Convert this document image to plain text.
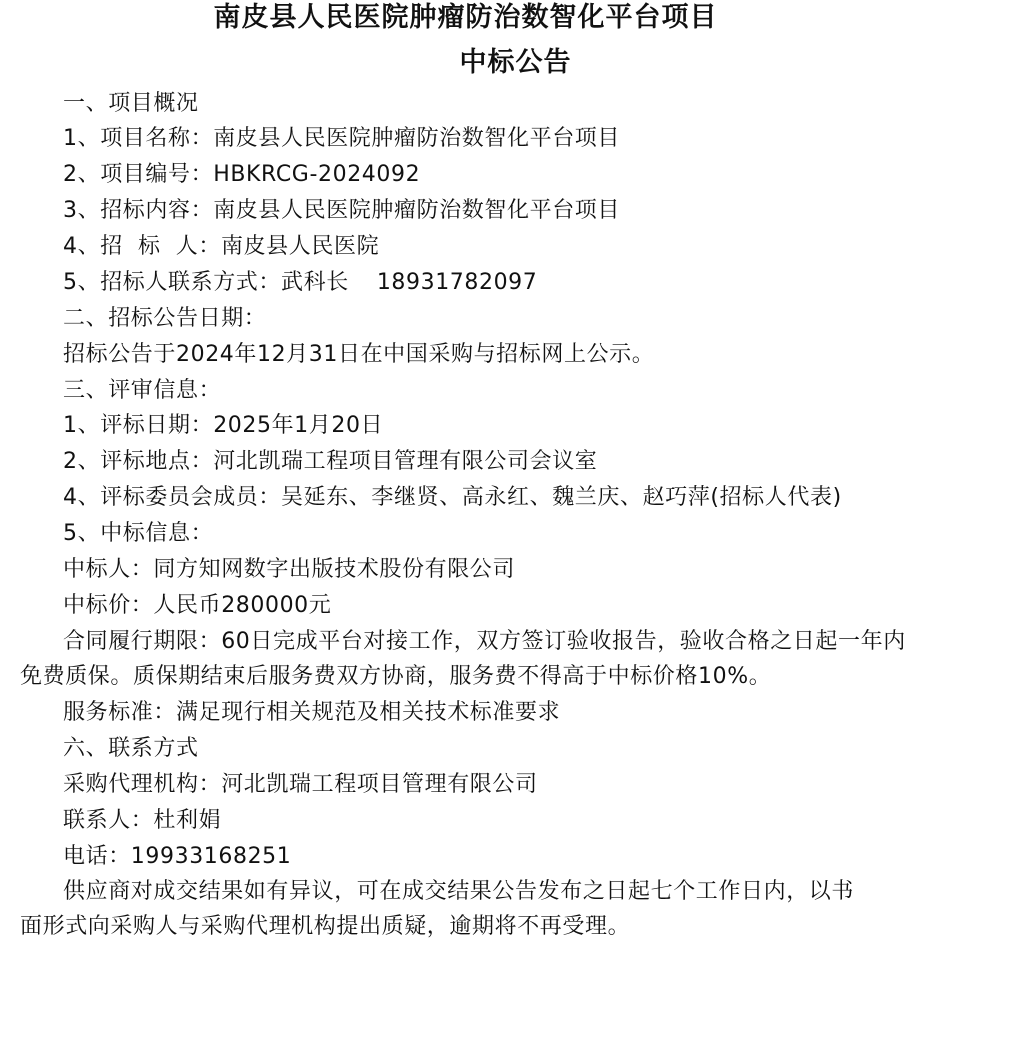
南皮县人民医院肿瘤防治数智化平台项目
中标公告
一、项目概况
1、项目名称：南皮县人民医院肿瘤防治数智化平台项目
2、项目编号：HBKRCG-2024092
3、招标内容：南皮县人民医院肿瘤防治数智化平台项目
4、招  标  人：南皮县人民医院
5、招标人联系方式：武科长 18931782097
二、招标公告日期：
招标公告于2024年12月31日在中国采购与招标网上公示。
三、评审信息：
1、评标日期：2025年1月20日
2、评标地点：河北凯瑞工程项目管理有限公司会议室
4、评标委员会成员：吴延东、李继贤、高永红、魏兰庆、赵巧萍(招标人代表)
5、中标信息：
中标人：同方知网数字出版技术股份有限公司
中标价：人民币280000元
合同履行期限：60日完成平台对接工作，双方签订验收报告，验收合格之日起一年内
免费质保。质保期结束后服务费双方协商，服务费不得高于中标价格10%。
服务标准：满足现行相关规范及相关技术标准要求
六、联系方式
采购代理机构：河北凯瑞工程项目管理有限公司
联系人：杜利娟
电话：19933168251
供应商对成交结果如有异议，可在成交结果公告发布之日起七个工作日内，以书
面形式向采购人与采购代理机构提出质疑，逾期将不再受理。
